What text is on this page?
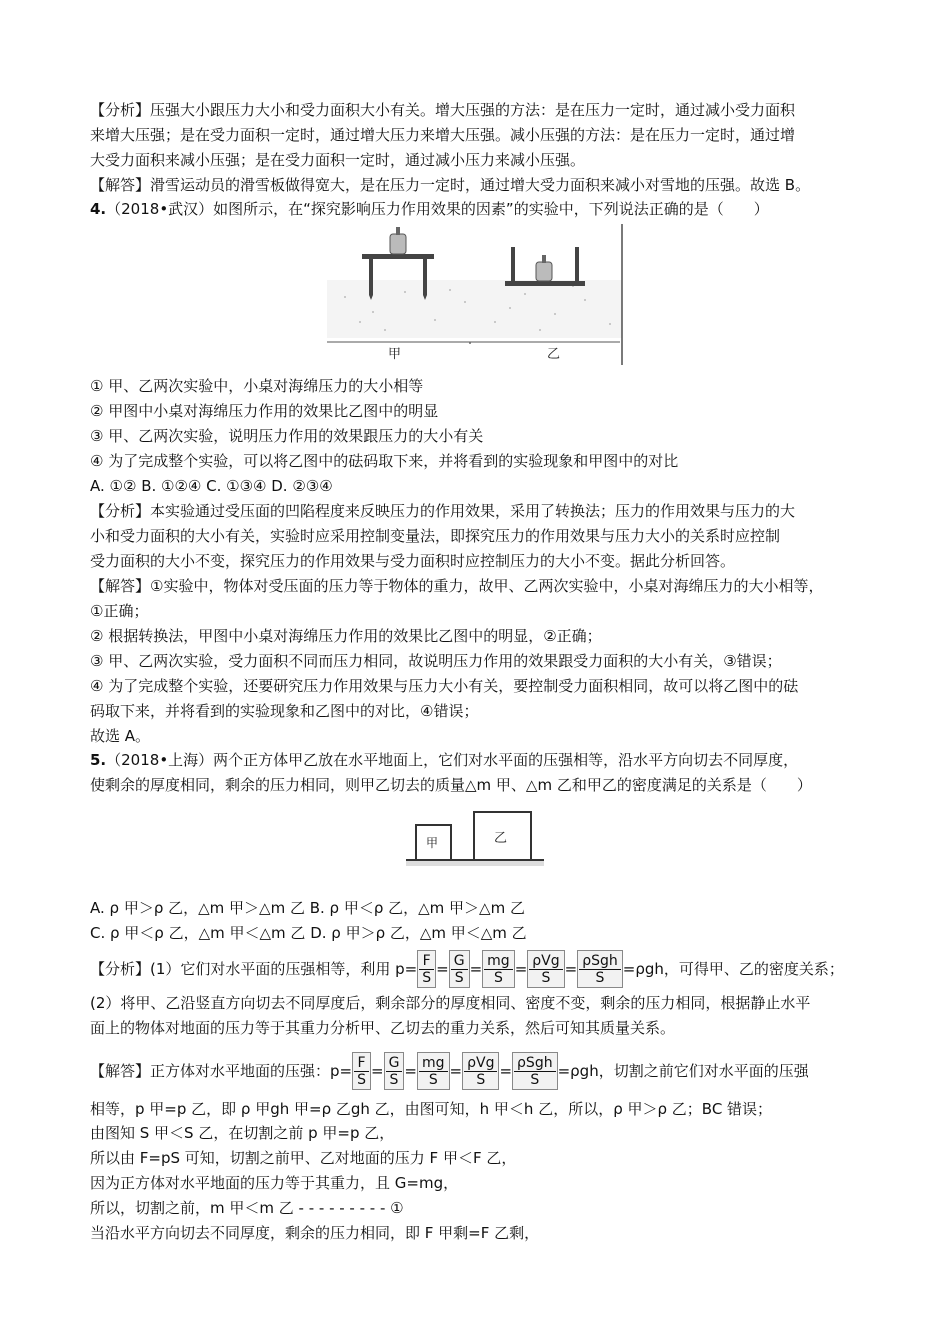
【分析】压强大小跟压力大小和受力面积大小有关。增大压强的方法：是在压力一定时，通过减小受力面积
来增大压强；是在受力面积一定时，通过增大压力来增大压强。减小压强的方法：是在压力一定时，通过增
大受力面积来减小压强；是在受力面积一定时，通过减小压力来减小压强。
【解答】滑雪运动员的滑雪板做得宽大，是在压力一定时，通过增大受力面积来减小对雪地的压强。故选 B。
4.（2018•武汉）如图所示，在“探究影响压力作用效果的因素”的实验中，下列说法正确的是（　　）
甲	乙
① 甲、乙两次实验中，小桌对海绵压力的大小相等
② 甲图中小桌对海绵压力作用的效果比乙图中的明显
③ 甲、乙两次实验，说明压力作用的效果跟压力的大小有关
④ 为了完成整个实验，可以将乙图中的砝码取下来，并将看到的实验现象和甲图中的对比
A. ①② B. ①②④ C. ①③④ D. ②③④
【分析】本实验通过受压面的凹陷程度来反映压力的作用效果，采用了转换法；压力的作用效果与压力的大
小和受力面积的大小有关，实验时应采用控制变量法，即探究压力的作用效果与压力大小的关系时应控制
受力面积的大小不变，探究压力的作用效果与受力面积时应控制压力的大小不变。据此分析回答。
【解答】①实验中，物体对受压面的压力等于物体的重力，故甲、乙两次实验中，小桌对海绵压力的大小相等，
①正确；
② 根据转换法，甲图中小桌对海绵压力作用的效果比乙图中的明显，②正确；
③ 甲、乙两次实验，受力面积不同而压力相同，故说明压力作用的效果跟受力面积的大小有关，③错误；
④ 为了完成整个实验，还要研究压力作用效果与压力大小有关，要控制受力面积相同，故可以将乙图中的砝
码取下来，并将看到的实验现象和乙图中的对比，④错误；
故选 A。
5.（2018•上海）两个正方体甲乙放在水平地面上，它们对水平面的压强相等，沿水平方向切去不同厚度，
使剩余的厚度相同，剩余的压力相同，则甲乙切去的质量△m 甲、△m 乙和甲乙的密度满足的关系是（　　）
甲	乙
A. ρ 甲＞ρ 乙，△m 甲＞△m 乙 B. ρ 甲＜ρ 乙，△m 甲＞△m 乙
C. ρ 甲＜ρ 乙，△m 甲＜△m 乙 D. ρ 甲＞ρ 乙，△m 甲＜△m 乙
【分析】(1）它们对水平面的压强相等，利用 $p= \frac{F}{S} = \frac{G}{S} = \frac{mg}{S} = \frac{\text{ρVg}}{S} = \frac{\text{ρSgh}}{S} =\rho gh$，可得甲、乙的密度关系；
(2）将甲、乙沿竖直方向切去不同厚度后，剩余部分的厚度相同、密度不变，剩余的压力相同，根据静止水平
面上的物体对地面的压力等于其重力分析甲、乙切去的重力关系，然后可知其质量关系。
【解答】正方体对水平地面的压强：$p= \frac{F}{S} = \frac{G}{S} = \frac{mg}{S} = \frac{\text{ρVg}}{S} = \frac{\text{ρSgh}}{S} =\rho gh$，切割之前它们对水平面的压强
相等，p 甲=p 乙，即 ρ 甲gh 甲=ρ 乙gh 乙，由图可知，h 甲＜h 乙，所以，ρ 甲＞ρ 乙；BC 错误；
由图知 S 甲＜S 乙，在切割之前 p 甲=p 乙，
所以由 F=pS 可知，切割之前甲、乙对地面的压力 F 甲＜F 乙，
因为正方体对水平地面的压力等于其重力，且 G=mg，
所以，切割之前，m 甲＜m 乙 - - - - - - - - - ①
当沿水平方向切去不同厚度，剩余的压力相同，即 F 甲剩=F 乙剩，
